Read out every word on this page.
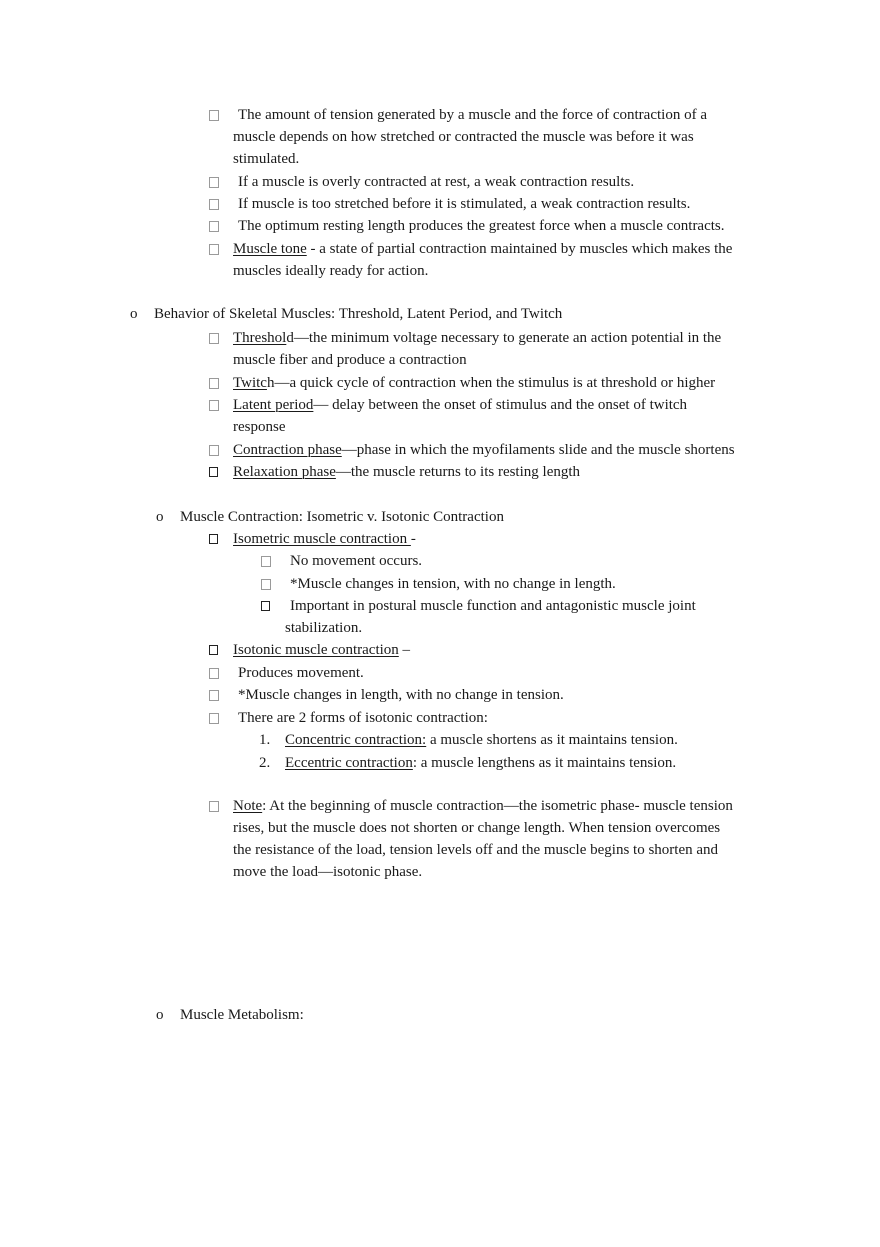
The amount of tension generated by a muscle and the force of contraction of a
muscle depends on how stretched or contracted the muscle was before it was
stimulated.
If a muscle is overly contracted at rest, a weak contraction results.
If muscle is too stretched before it is stimulated, a weak contraction results.
The optimum resting length produces the greatest force when a muscle contracts.
Muscle tone - a state of partial contraction maintained by muscles which makes the
muscles ideally ready for action.
o Behavior of Skeletal Muscles: Threshold, Latent Period, and Twitch
Threshold—the minimum voltage necessary to generate an action potential in the
muscle fiber and produce a contraction
Twitch—a quick cycle of contraction when the stimulus is at threshold or higher
Latent period— delay between the onset of stimulus and the onset of twitch
response
Contraction phase—phase in which the myofilaments slide and the muscle shortens
Relaxation phase—the muscle returns to its resting length
o Muscle Contraction: Isometric v. Isotonic Contraction
Isometric muscle contraction -
No movement occurs.
*Muscle changes in tension, with no change in length.
Important in postural muscle function and antagonistic muscle joint
stabilization.
Isotonic muscle contraction –
Produces movement.
*Muscle changes in length, with no change in tension.
There are 2 forms of isotonic contraction:
1. Concentric contraction: a muscle shortens as it maintains tension.
2. Eccentric contraction: a muscle lengthens as it maintains tension.
Note: At the beginning of muscle contraction—the isometric phase- muscle tension
rises, but the muscle does not shorten or change length. When tension overcomes
the resistance of the load, tension levels off and the muscle begins to shorten and
move the load—isotonic phase.
o Muscle Metabolism:
